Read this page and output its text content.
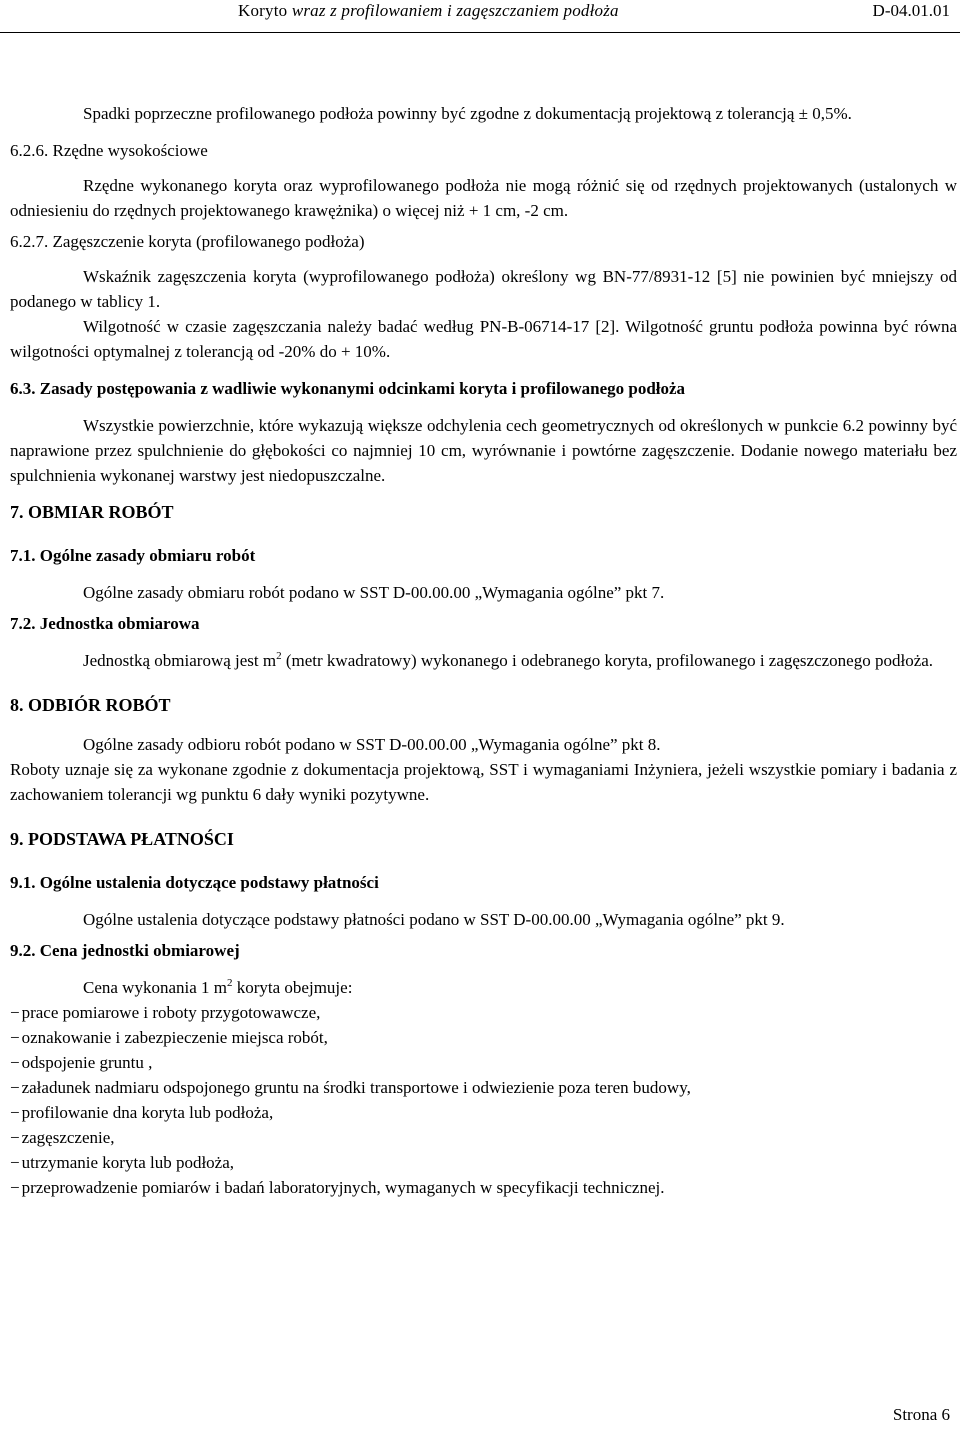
Koryto wraz z profilowaniem i zagęszczaniem podłoża	D-04.01.01

Spadki poprzeczne profilowanego podłoża powinny być zgodne z dokumentacją projektową z tolerancją ± 0,5%.

6.2.6. Rzędne wysokościowe

Rzędne wykonanego koryta oraz wyprofilowanego podłoża nie mogą różnić się od rzędnych projektowanych (ustalonych w odniesieniu do rzędnych projektowanego krawężnika) o więcej niż + 1 cm, -2 cm.

6.2.7. Zagęszczenie koryta (profilowanego podłoża)

Wskaźnik zagęszczenia koryta (wyprofilowanego podłoża) określony wg BN-77/8931-12 [5] nie powinien być mniejszy od podanego w tablicy 1.

Wilgotność w czasie zagęszczania należy badać według PN-B-06714-17 [2]. Wilgotność gruntu podłoża powinna być równa wilgotności optymalnej z tolerancją od -20% do + 10%.

6.3. Zasady postępowania z wadliwie wykonanymi odcinkami koryta i profilowanego podłoża

Wszystkie powierzchnie, które wykazują większe odchylenia cech geometrycznych od określonych w punkcie 6.2 powinny być naprawione przez spulchnienie do głębokości co najmniej 10 cm, wyrównanie i powtórne zagęszczenie. Dodanie nowego materiału bez spulchnienia wykonanej warstwy jest niedopuszczalne.

7. OBMIAR ROBÓT

7.1. Ogólne zasady obmiaru robót

Ogólne zasady obmiaru robót podano w SST D-00.00.00 „Wymagania ogólne” pkt 7.

7.2. Jednostka obmiarowa

Jednostką obmiarową jest $m^2$ (metr kwadratowy) wykonanego i odebranego koryta, profilowanego i zagęszczonego podłoża.

8. ODBIÓR ROBÓT

Ogólne zasady odbioru robót podano w SST D-00.00.00 „Wymagania ogólne” pkt 8.

Roboty uznaje się za wykonane zgodnie z dokumentacja projektową, SST i wymaganiami Inżyniera, jeżeli wszystkie pomiary i badania z zachowaniem tolerancji wg punktu 6 dały wyniki pozytywne.

9. PODSTAWA PŁATNOŚCI

9.1. Ogólne ustalenia dotyczące podstawy płatności

Ogólne ustalenia dotyczące podstawy płatności podano w SST D-00.00.00 „Wymagania ogólne” pkt 9.

9.2. Cena jednostki obmiarowej

Cena wykonania 1 $m^2$ koryta obejmuje:

− prace pomiarowe i roboty przygotowawcze,

− oznakowanie i zabezpieczenie miejsca robót,

− odspojenie gruntu ,

− załadunek nadmiaru odspojonego gruntu na środki transportowe i odwiezienie poza teren budowy,

− profilowanie dna koryta lub podłoża,

− zagęszczenie,

− utrzymanie koryta lub podłoża,

− przeprowadzenie pomiarów i badań laboratoryjnych, wymaganych w specyfikacji technicznej.

Strona 6
